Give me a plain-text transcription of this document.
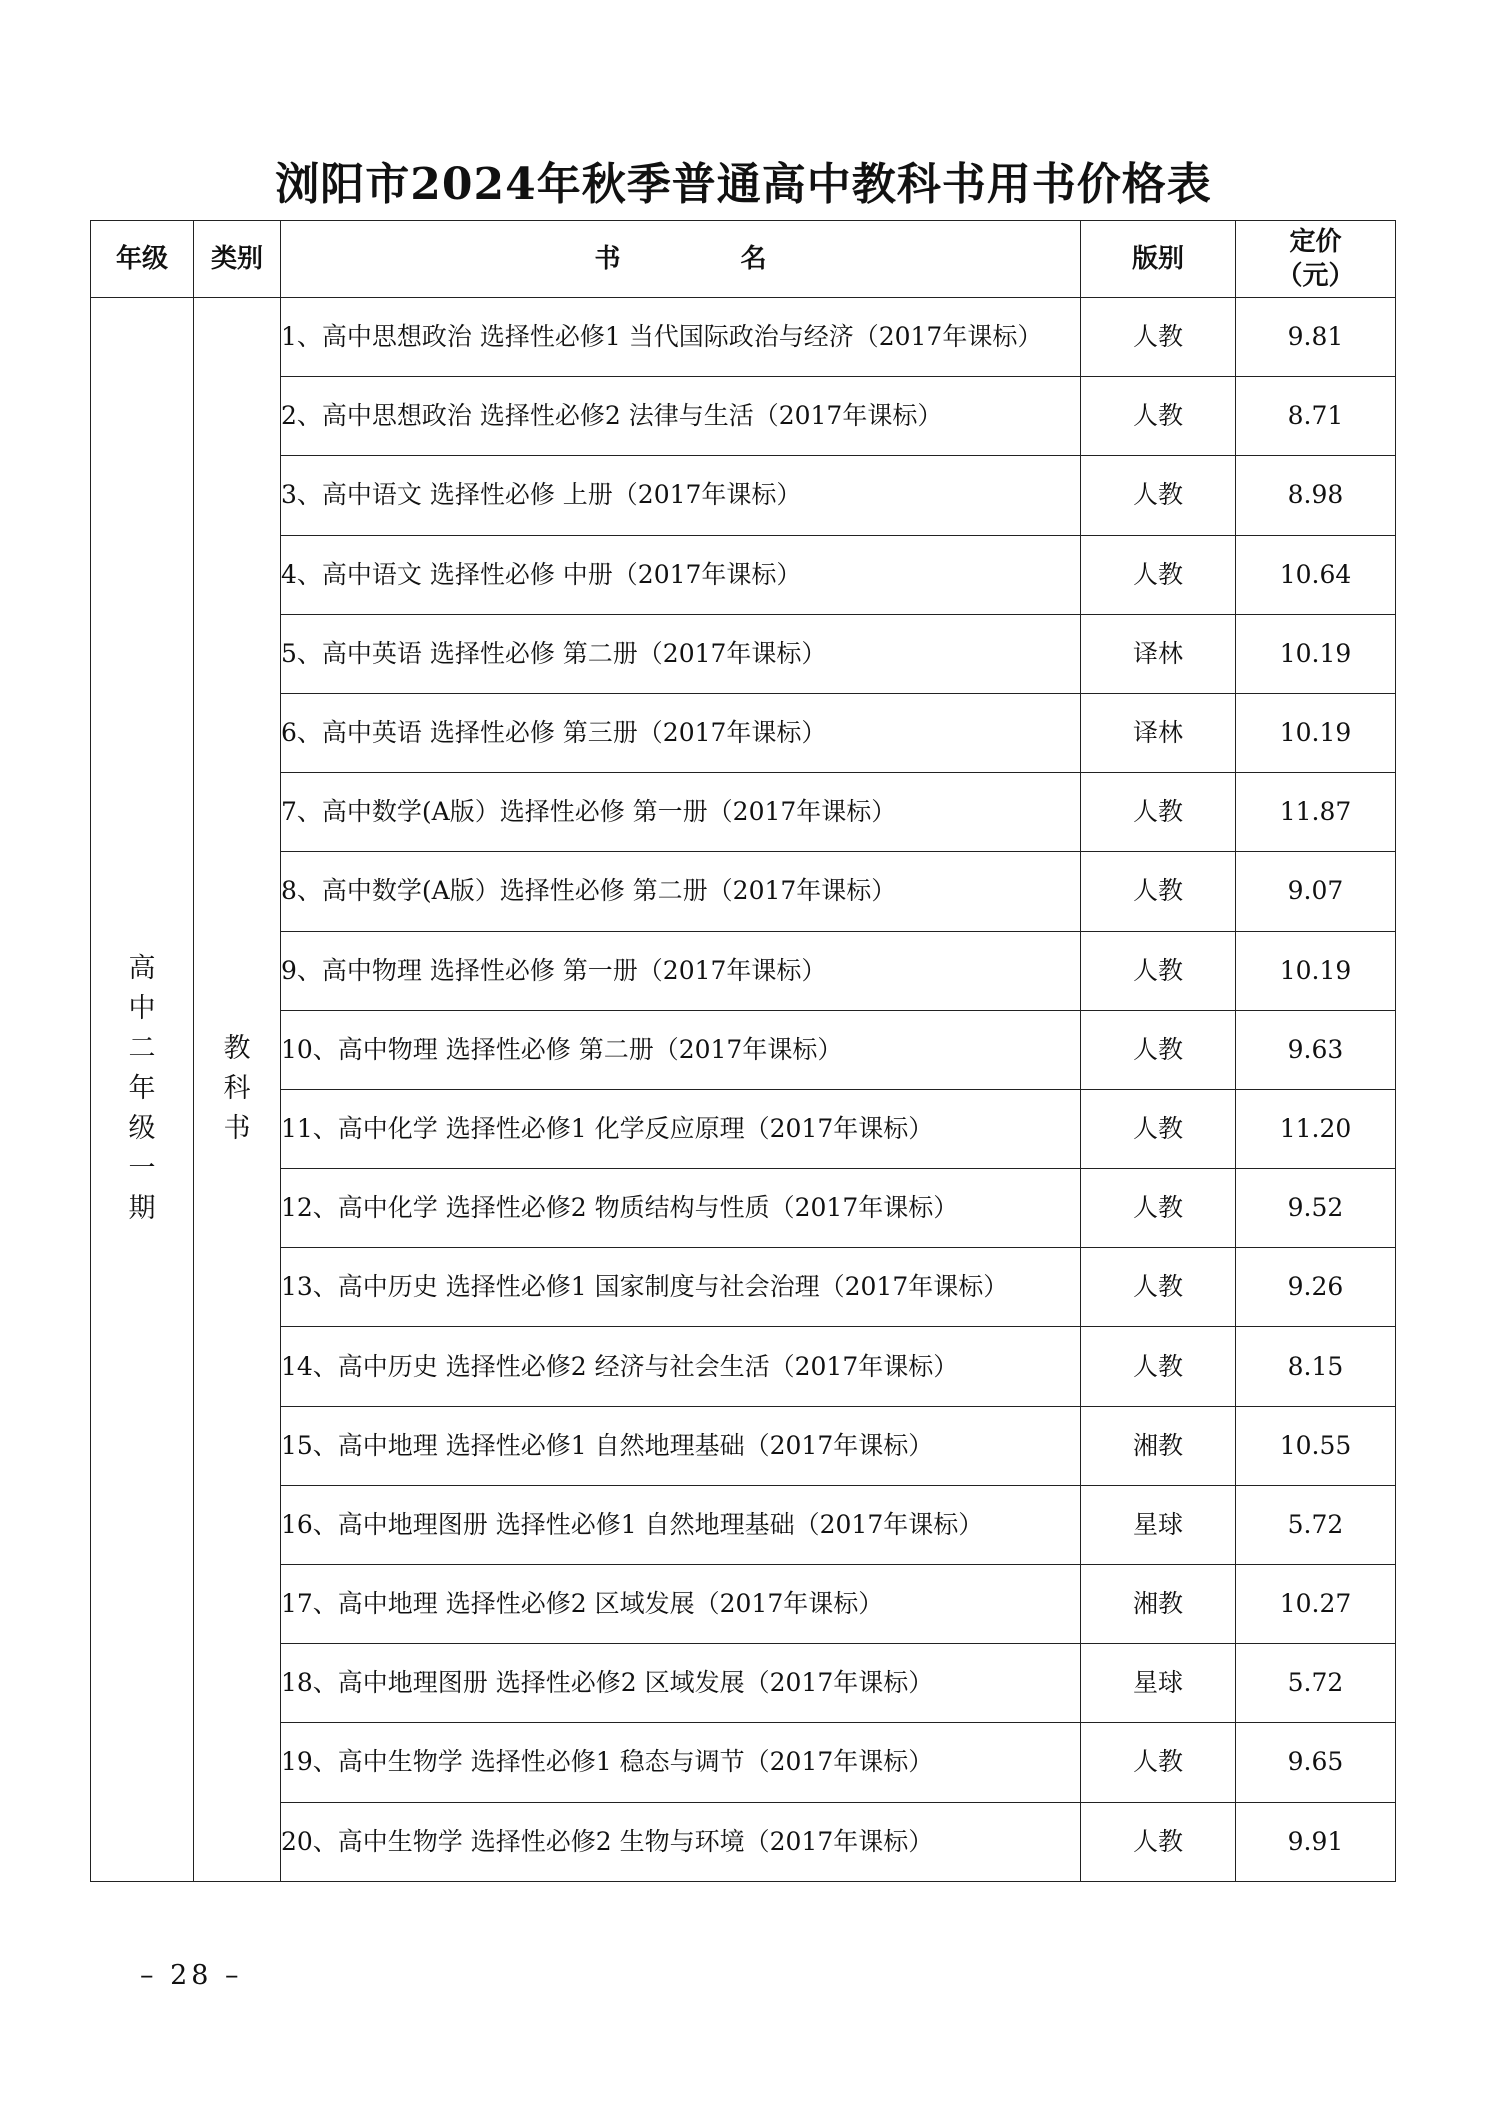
浏阳市2024年秋季普通高中教科书用书价格表
年级	类别	书名	版别	定价
（元）

高中二年级一期	教科书	1、高中思想政治 选择性必修1 当代国际政治与经济（2017年课标）	人教	9.81
		2、高中思想政治 选择性必修2 法律与生活（2017年课标）	人教	8.71
		3、高中语文 选择性必修 上册（2017年课标）	人教	8.98
		4、高中语文 选择性必修 中册（2017年课标）	人教	10.64
		5、高中英语 选择性必修 第二册（2017年课标）	译林	10.19
		6、高中英语 选择性必修 第三册（2017年课标）	译林	10.19
		7、高中数学(A版）选择性必修 第一册（2017年课标）	人教	11.87
		8、高中数学(A版）选择性必修 第二册（2017年课标）	人教	9.07
		9、高中物理 选择性必修 第一册（2017年课标）	人教	10.19
		10、高中物理 选择性必修 第二册（2017年课标）	人教	9.63
		11、高中化学 选择性必修1 化学反应原理（2017年课标）	人教	11.20
		12、高中化学 选择性必修2 物质结构与性质（2017年课标）	人教	9.52
		13、高中历史 选择性必修1 国家制度与社会治理（2017年课标）	人教	9.26
		14、高中历史 选择性必修2 经济与社会生活（2017年课标）	人教	8.15
		15、高中地理 选择性必修1 自然地理基础（2017年课标）	湘教	10.55
		16、高中地理图册 选择性必修1 自然地理基础（2017年课标）	星球	5.72
		17、高中地理 选择性必修2 区域发展（2017年课标）	湘教	10.27
		18、高中地理图册 选择性必修2 区域发展（2017年课标）	星球	5.72
		19、高中生物学 选择性必修1 稳态与调节（2017年课标）	人教	9.65
		20、高中生物学 选择性必修2 生物与环境（2017年课标）	人教	9.91
– 28 –
